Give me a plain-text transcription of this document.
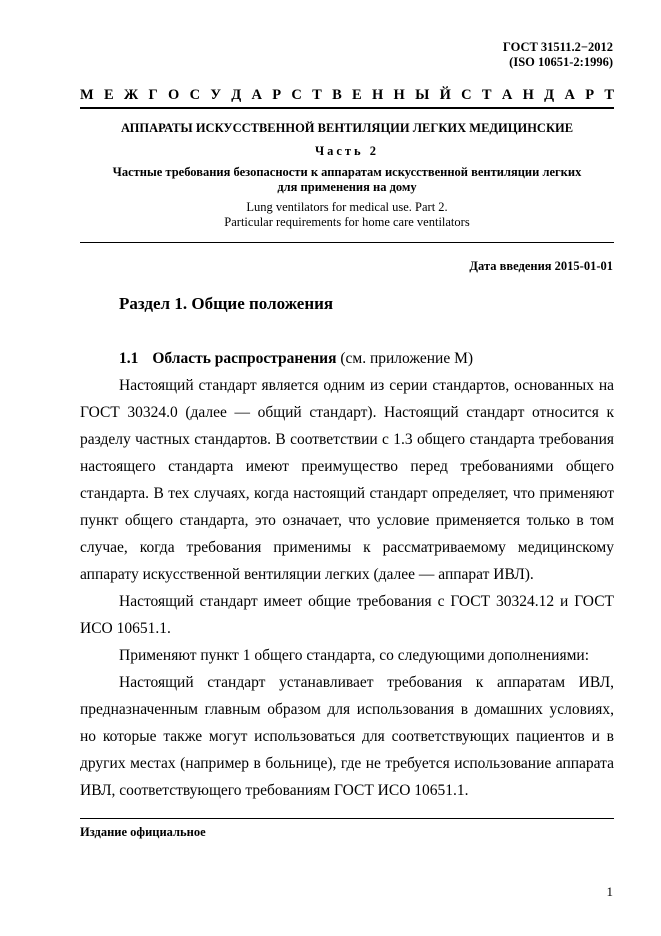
ГОСТ 31511.2−2012
(ISO 10651-2:1996)
М Е Ж Г О С У Д А Р С Т В Е Н Н Ы Й С Т А Н Д А Р Т
АППАРАТЫ ИСКУССТВЕННОЙ ВЕНТИЛЯЦИИ ЛЕГКИХ МЕДИЦИНСКИЕ
Часть 2
Частные требования безопасности к аппаратам искусственной вентиляции легких
для применения на дому
Lung ventilators for medical use. Part 2.
Particular requirements for home care ventilators
Дата введения 2015-01-01
Раздел 1. Общие положения

1.1 Область распространения (см. приложение М)

Настоящий стандарт является одним из серии стандартов, основанных на ГОСТ 30324.0 (далее — общий стандарт). Настоящий стандарт относится к разделу частных стандартов. В соответствии с 1.3 общего стандарта требования настоящего стандарта имеют преимущество перед требованиями общего стандарта. В тех случаях, когда настоящий стандарт определяет, что применяют пункт общего стандарта, это означает, что условие применяется только в том случае, когда требования применимы к рассматриваемому медицинскому аппарату искусственной вентиляции легких (далее — аппарат ИВЛ).

Настоящий стандарт имеет общие требования с ГОСТ 30324.12 и ГОСТ ИСО 10651.1.

Применяют пункт 1 общего стандарта, со следующими дополнениями:

Настоящий стандарт устанавливает требования к аппаратам ИВЛ, предназначенным главным образом для использования в домашних условиях, но которые также могут использоваться для соответствующих пациентов и в других местах (например в больнице), где не требуется использование аппарата ИВЛ, соответствующего требованиям ГОСТ ИСО 10651.1.

Издание официальное
1
